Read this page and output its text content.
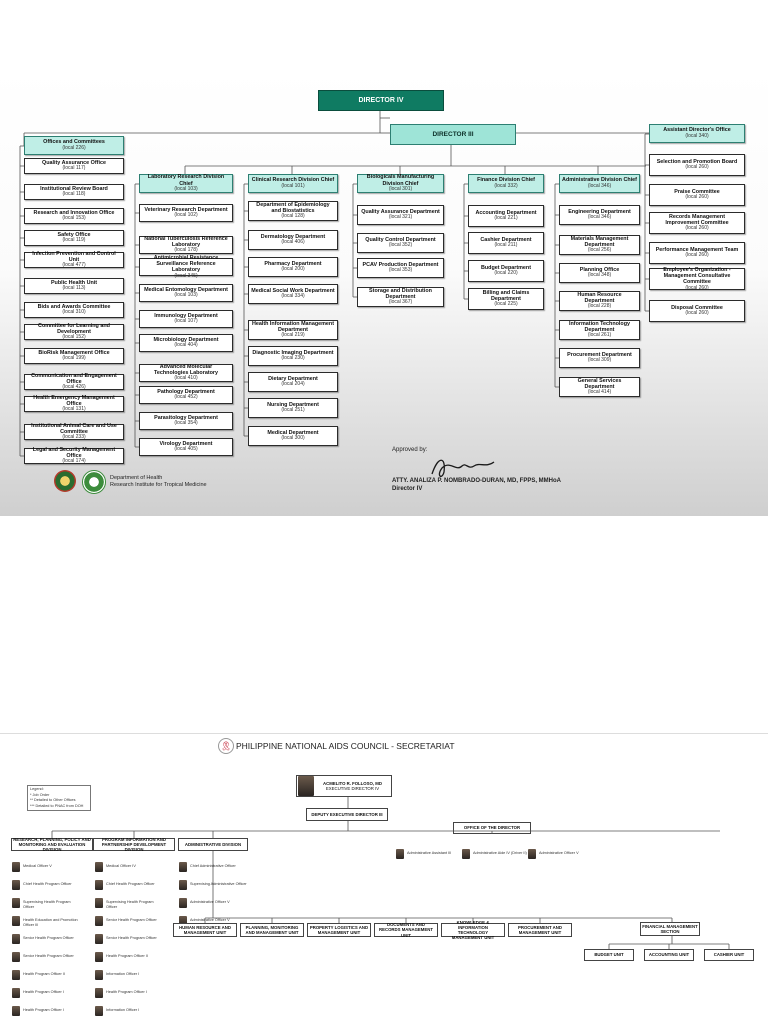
DIRECTOR IV
DIRECTOR III
Offices and Committees
(local 226)
Quality Assurance Office
(local 117)
Institutional Review Board
(local 118)
Research and Innovation Office
(local 153)
Safety Office
(local 119)
Infection Prevention and Control Unit
(local 477)
Public Health Unit
(local 113)
Bids and Awards Committee
(local 310)
Committee for Learning and Development
(local 152)
BioRisk Management Office
(local 199)
Communication and Engagement Office
(local 426)
Health Emergency Management Office
(local 131)
Institutional Animal Care and Use Committee
(local 233)
Legal and Security Management Office
(local 174)
Laboratory Research Division Chief
(local 103)
Veterinary Research Department
(local 102)
National Tuberculosis Reference Laboratory
(local 178)
Antimicrobial Resistance Surveillance Reference Laboratory
(local 345)
Medical Entomology Department
(local 103)
Immunology Department
(local 107)
Microbiology Department
(local 404)
Advanced Molecular Technologies Laboratory
(local 410)
Pathology Department
(local 452)
Parasitology Department
(local 354)
Virology Department
(local 405)
Clinical Research Division Chief
(local 101)
Department of Epidemiology and Biostatistics
(local 128)
Dermatology Department
(local 406)
Pharmacy Department
(local 200)
Medical Social Work Department
(local 334)
Health Information Management Department
(local 219)
Diagnostic Imaging Department
(local 230)
Dietary Department
(local 204)
Nursing Department
(local 251)
Medical Department
(local 300)
Biologicals Manufacturing Division Chief
(local 301)
Quality Assurance Department
(local 321)
Quality Control Department
(local 352)
PCAV Production Department
(local 353)
Storage and Distribution Department
(local 367)
Finance Division Chief
(local 332)
Accounting Department
(local 221)
Cashier Department
(local 211)
Budget Department
(local 220)
Billing and Claims Department
(local 225)
Administrative Division Chief
(local 346)
Engineering Department
(local 346)
Materials Management Department
(local 256)
Planning Office
(local 348)
Human Resource Department
(local 228)
Information Technology Department
(local 261)
Procurement Department
(local 309)
General Services Department
(local 414)
Assistant Director's Office
(local 340)
Selection and Promotion Board
(local 260)
Praise Committee
(local 260)
Records Management Improvement Committee
(local 260)
Performance Management Team
(local 260)
Employee's Organization - Management Consultative Committee
(local 260)
Disposal Committee
(local 260)
Approved by:
ATTY. ANALIZA P. NOMBRADO-DURAN, MD, FPPS, MMHoA
Director IV
Department of Health
Research Institute for Tropical Medicine
🎗 PHILIPPINE NATIONAL AIDS COUNCIL - SECRETARIAT
Legend:
* Job Order
** Detailed to Other Offices
*** Detailed to PNAC from DOH
ACMELITO R. FOLLOSO, MD
EXECUTIVE DIRECTOR IV
DEPUTY EXECUTIVE DIRECTOR III
OFFICE OF THE DIRECTOR
Administrative Assistant III	Administrative Aide IV (Driver II)	Administrative Officer V
RESEARCH, PLANNING, POLICY AND MONITORING AND EVALUATION DIVISION
PROGRAM INFORMATION AND PARTNERSHIP DEVELOPMENT DIVISION
ADMINISTRATIVE DIVISION
Medical Officer V
Chief Health Program Officer
Supervising Health Program Officer
Health Education and Promotion Officer III
Senior Health Program Officer
Senior Health Program Officer
Health Program Officer II
Health Program Officer I
Health Program Officer I
Medical Officer IV
Chief Health Program Officer
Supervising Health Program Officer
Senior Health Program Officer
Senior Health Program Officer
Health Program Officer II
Information Officer I
Health Program Officer I
Information Officer I
Chief Administrative Officer
Supervising Administrative Officer
Administrative Officer V
Administrative Officer V
HUMAN RESOURCE AND MANAGEMENT UNIT
PLANNING, MONITORING AND MANAGEMENT UNIT
PROPERTY LOGISTICS AND MANAGEMENT UNIT
DOCUMENTS AND RECORDS MANAGEMENT UNIT
KNOWLEDGE & INFORMATION TECHNOLOGY MANAGEMENT UNIT
PROCUREMENT AND MANAGEMENT UNIT
FINANCIAL MANAGEMENT SECTION
BUDGET UNIT	ACCOUNTING UNIT	CASHIER UNIT
